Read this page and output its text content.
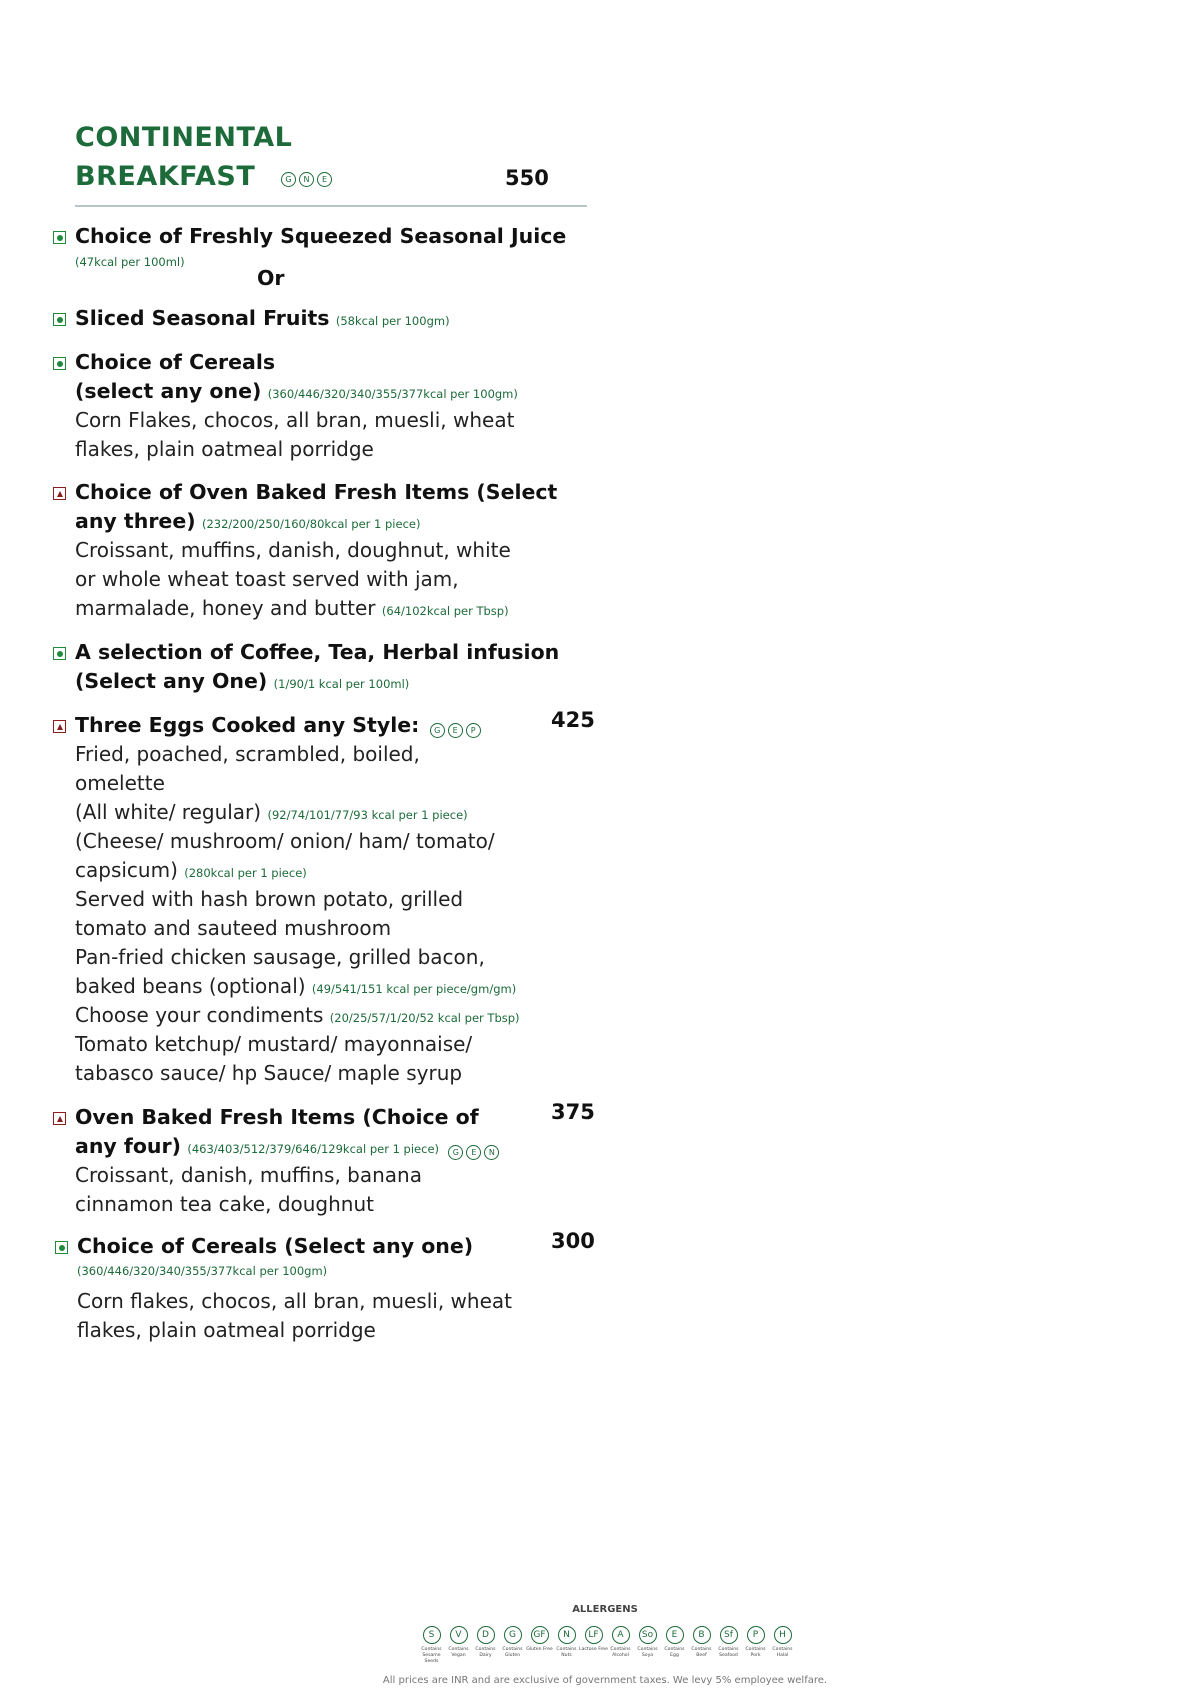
CONTINENTAL
BREAKFAST	G	N	E	550
Choice of Freshly Squeezed Seasonal Juice
(47kcal per 100ml)
Or
Sliced Seasonal Fruits (58kcal per 100gm)
Choice of Cereals
(select any one) (360/446/320/340/355/377kcal per 100gm)
Corn Flakes, chocos, all bran, muesli, wheat
flakes, plain oatmeal porridge
Choice of Oven Baked Fresh Items (Select
any three) (232/200/250/160/80kcal per 1 piece)
Croissant, muffins, danish, doughnut, white
or whole wheat toast served with jam,
marmalade, honey and butter (64/102kcal per Tbsp)
A selection of Coffee, Tea, Herbal infusion
(Select any One) (1/90/1 kcal per 100ml)
Three Eggs Cooked any Style:	G	E	P	425
Fried, poached, scrambled, boiled,
omelette
(All white/ regular) (92/74/101/77/93 kcal per 1 piece)
(Cheese/ mushroom/ onion/ ham/ tomato/
capsicum) (280kcal per 1 piece)
Served with hash brown potato, grilled
tomato and sauteed mushroom
Pan-fried chicken sausage, grilled bacon,
baked beans (optional) (49/541/151 kcal per piece/gm/gm)
Choose your condiments (20/25/57/1/20/52 kcal per Tbsp)
Tomato ketchup/ mustard/ mayonnaise/
tabasco sauce/ hp Sauce/ maple syrup
Oven Baked Fresh Items (Choice of	375
any four) (463/403/512/379/646/129kcal per 1 piece)	G	E	N
Croissant, danish, muffins, banana
cinnamon tea cake, doughnut
Choice of Cereals (Select any one)	300
(360/446/320/340/355/377kcal per 100gm)
Corn flakes, chocos, all bran, muesli, wheat
flakes, plain oatmeal porridge
ALLERGENS
S
Contains Sesame Seeds
V
Contains Vegan
D
Contains Dairy
G
Contains Gluten
GF
Gluten Free
N
Contains Nuts
LF
Lactose Free
A
Contains Alcohol
So
Contains Soya
E
Contains Egg
B
Contains Beef
Sf
Contains Seafood
P
Contains Pork
H
Contains Halal
All prices are INR and are exclusive of government taxes. We levy 5% employee welfare.
